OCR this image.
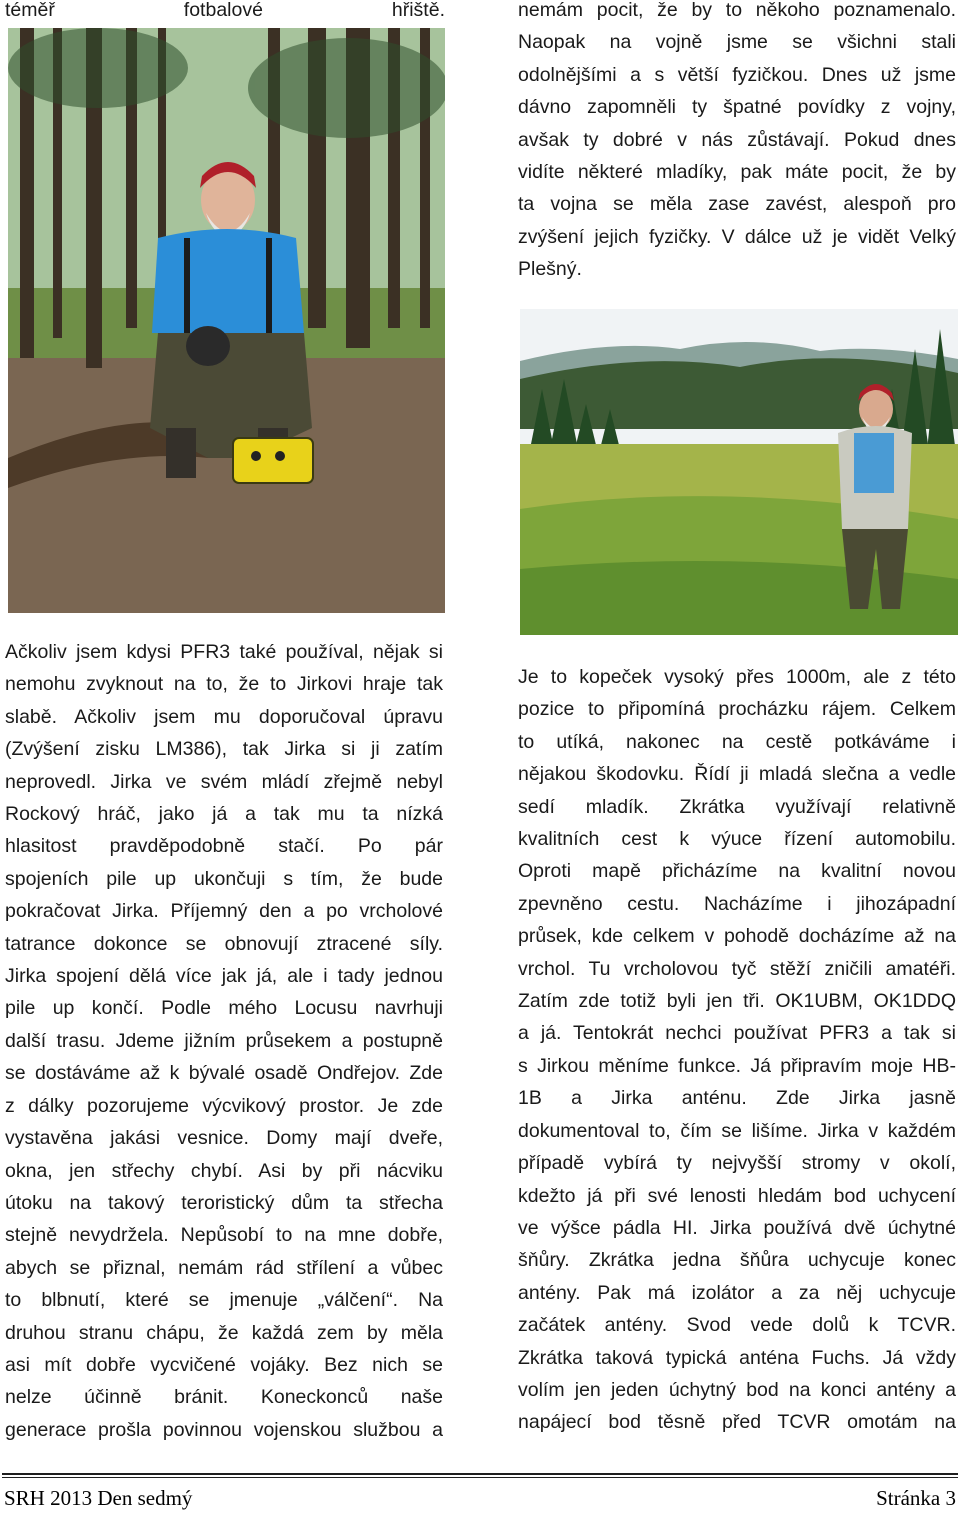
téměř fotbalové hřiště.	nemám pocit, že by to někoho poznamenalo.
Naopak na vojně jsme se všichni stali
odolnějšími a s větší fyzičkou. Dnes už jsme
dávno zapomněli ty špatné povídky z vojny,
avšak ty dobré v nás zůstávají. Pokud dnes
vidíte některé mladíky, pak máte pocit, že by
ta vojna se měla zase zavést, alespoň pro
zvýšení jejich fyzičky. V dálce už je vidět Velký
Plešný.
Ačkoliv jsem kdysi PFR3 také používal, nějak si
nemohu zvyknout na to, že to Jirkovi hraje tak
slabě. Ačkoliv jsem mu doporučoval úpravu
(Zvýšení zisku LM386), tak Jirka si ji zatím
neprovedl. Jirka ve svém mládí zřejmě nebyl
Rockový hráč, jako já a tak mu ta nízká
hlasitost pravděpodobně stačí. Po pár
spojeních pile up ukončuji s tím, že bude
pokračovat Jirka. Příjemný den a po vrcholové
tatrance dokonce se obnovují ztracené síly.
Jirka spojení dělá více jak já, ale i tady jednou
pile up končí. Podle mého Locusu navrhuji
další trasu. Jdeme jižním průsekem a postupně
se dostáváme až k bývalé osadě Ondřejov. Zde
z dálky pozorujeme výcvikový prostor. Je zde
vystavěna jakási vesnice. Domy mají dveře,
okna, jen střechy chybí. Asi by při nácviku
útoku na takový teroristický dům ta střecha
stejně nevydržela. Nepůsobí to na mne dobře,
abych se přiznal, nemám rád střílení a vůbec
to blbnutí, které se jmenuje „válčení“. Na
druhou stranu chápu, že každá zem by měla
asi mít dobře vycvičené vojáky. Bez nich se
nelze účinně bránit. Koneckonců naše
generace prošla povinnou vojenskou službou a
Je to kopeček vysoký přes 1000m, ale z této
pozice to připomíná procházku rájem. Celkem
to utíká, nakonec na cestě potkáváme i
nějakou škodovku. Řídí ji mladá slečna a vedle
sedí mladík. Zkrátka využívají relativně
kvalitních cest k výuce řízení automobilu.
Oproti mapě přicházíme na kvalitní novou
zpevněno cestu. Nacházíme i jihozápadní
průsek, kde celkem v pohodě docházíme až na
vrchol. Tu vrcholovou tyč stěží zničili amatéři.
Zatím zde totiž byli jen tři. OK1UBM, OK1DDQ
a já. Tentokrát nechci používat PFR3 a tak si
s Jirkou měníme funkce. Já připravím moje HB-
1B a Jirka anténu. Zde Jirka jasně
dokumentoval to, čím se lišíme. Jirka v každém
případě vybírá ty nejvyšší stromy v okolí,
kdežto já při své lenosti hledám bod uchycení
ve výšce pádla HI. Jirka používá dvě úchytné
šňůry. Zkrátka jedna šňůra uchycuje konec
antény. Pak má izolátor a za něj uchycuje
začátek antény. Svod vede dolů k TCVR.
Zkrátka taková typická anténa Fuchs. Já vždy
volím jen jeden úchytný bod na konci antény a
napájecí bod těsně před TCVR omotám na
SRH 2013 Den sedmý	Stránka 3
